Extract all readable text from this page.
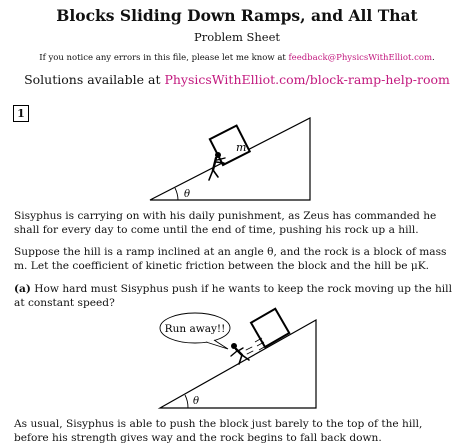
Blocks Sliding Down Ramps, and All That
Problem Sheet
If you notice any errors in this file, please let me know at feedback@PhysicsWithElliot.com.
Solutions available at PhysicsWithElliot.com/block-ramp-help-room
1
θ
m
θ
Run away!!
Sisyphus is carrying on with his daily punishment, as Zeus has commanded he shall for every day to come until the end of time, pushing his rock up a hill.
Suppose the hill is a ramp inclined at an angle θ, and the rock is a block of mass m. Let the coefficient of kinetic friction between the block and the hill be μK.
(a) How hard must Sisyphus push if he wants to keep the rock moving up the hill at constant speed?
As usual, Sisyphus is able to push the block just barely to the top of the hill, before his strength gives way and the rock begins to fall back down.
